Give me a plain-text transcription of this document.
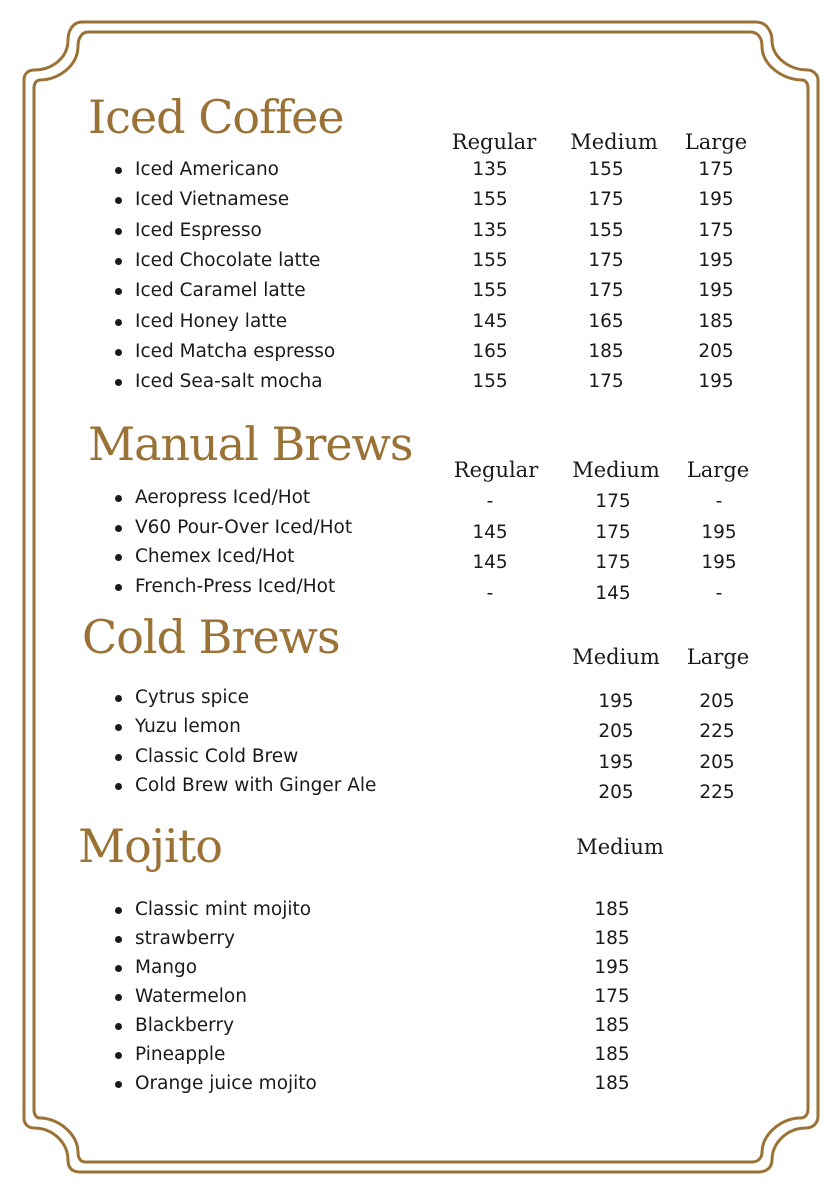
Iced Coffee	Regular Medium Large
Iced Americano	135	155	175
Iced Vietnamese	155	175	195
Iced Espresso	135	155	175
Iced Chocolate latte	155	175	195
Iced Caramel latte	155	175	195
Iced Honey latte	145	165	185
Iced Matcha espresso	165	185	205
Iced Sea-salt mocha	155	175	195
Manual Brews Regular Medium Large
Aeropress Iced/Hot	-	175	-
V60 Pour-Over Iced/Hot	145	175	195
Chemex Iced/Hot	145	175	195
French-Press Iced/Hot	-	145	-
Cold Brews	Medium Large
Cytrus spice	195	205
Yuzu lemon	205	225
Classic Cold Brew	195	205
Cold Brew with Ginger Ale	205	225
Mojito	Medium
Classic mint mojito	185
strawberry	185
Mango	195
Watermelon	175
Blackberry	185
Pineapple	185
Orange juice mojito	185
